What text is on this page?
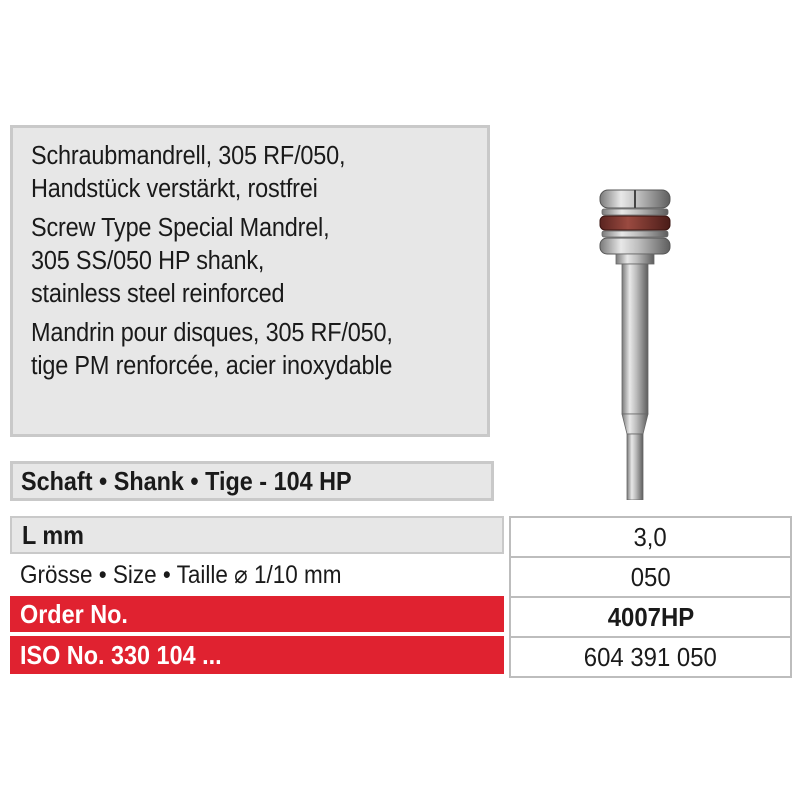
Schraubmandrell, 305 RF/050,
Handstück verstärkt, rostfrei
Screw Type Special Mandrel,
305 SS/050 HP shank,
stainless steel reinforced
Mandrin pour disques, 305 RF/050,
tige PM renforcée, acier inoxydable
Schaft • Shank • Tige - 104 HP
L mm
Grösse • Size • Taille ⌀ 1/10 mm
Order No.
ISO No. 330 104 ...
3,0
050
4007HP
604 391 050
